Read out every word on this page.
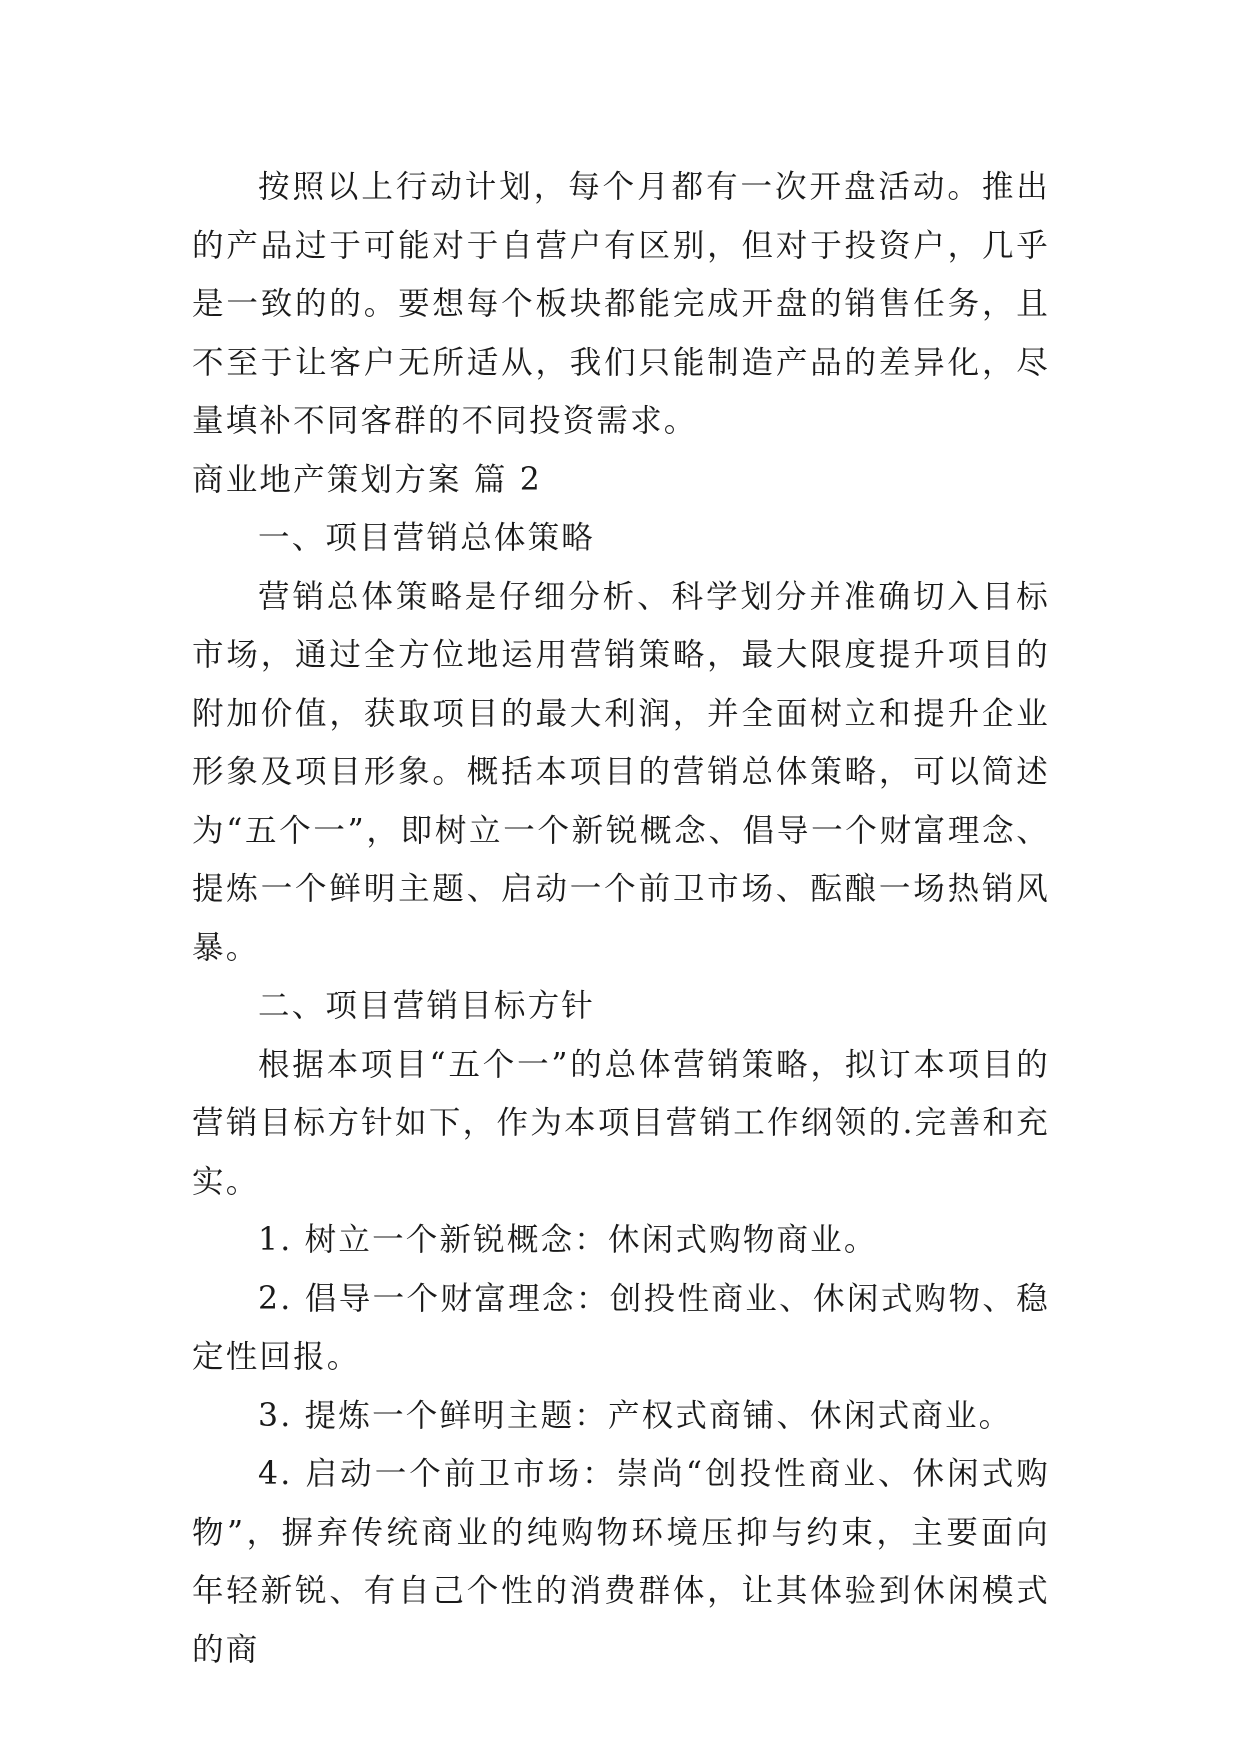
按照以上行动计划，每个月都有一次开盘活动。推出的产品过于可能对于自营户有区别，但对于投资户，几乎是一致的的。要想每个板块都能完成开盘的销售任务，且不至于让客户无所适从，我们只能制造产品的差异化，尽量填补不同客群的不同投资需求。

商业地产策划方案 篇 2

一、项目营销总体策略

营销总体策略是仔细分析、科学划分并准确切入目标市场，通过全方位地运用营销策略，最大限度提升项目的附加价值，获取项目的最大利润，并全面树立和提升企业形象及项目形象。概括本项目的营销总体策略，可以简述为“五个一”，即树立一个新锐概念、倡导一个财富理念、提炼一个鲜明主题、启动一个前卫市场、酝酿一场热销风暴。

二、项目营销目标方针

根据本项目“五个一”的总体营销策略，拟订本项目的营销目标方针如下，作为本项目营销工作纲领的.完善和充实。

1. 树立一个新锐概念：休闲式购物商业。

2. 倡导一个财富理念：创投性商业、休闲式购物、稳定性回报。

3. 提炼一个鲜明主题：产权式商铺、休闲式商业。

4. 启动一个前卫市场：崇尚“创投性商业、休闲式购物”，摒弃传统商业的纯购物环境压抑与约束，主要面向年轻新锐、有自己个性的消费群体，让其体验到休闲模式的商
